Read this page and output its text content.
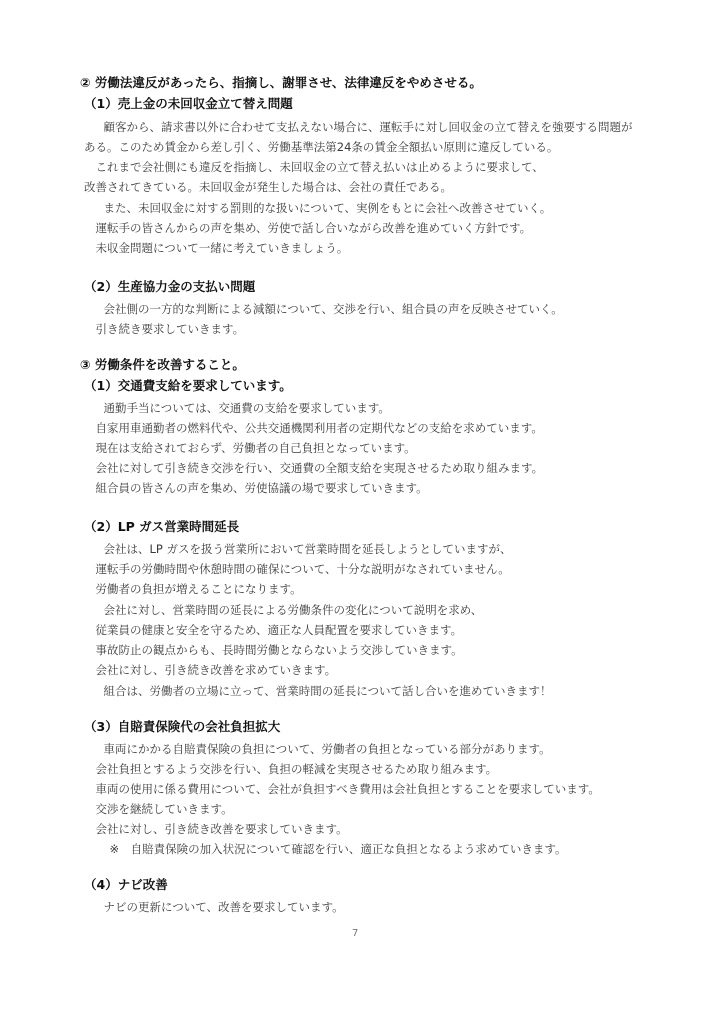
② 労働法違反があったら、指摘し、謝罪させ、法律違反をやめさせる。
（1）売上金の未回収金立て替え問題
　顧客から、請求書以外に合わせて支払えない場合に、運転手に対し回収金の立て替えを強要する問題が
ある。このため賃金から差し引く、労働基準法第24条の賃金全額払い原則に違反している。
　これまで会社側にも違反を指摘し、未回収金の立て替え払いは止めるように要求して、
改善されてきている。未回収金が発生した場合は、会社の責任である。
　また、未回収金に対する罰則的な扱いについて、実例をもとに会社へ改善させていく。
　運転手の皆さんからの声を集め、労使で話し合いながら改善を進めていく方針です。
　未収金問題について一緒に考えていきましょう。
（2）生産協力金の支払い問題
　会社側の一方的な判断による減額について、交渉を行い、組合員の声を反映させていく。
　引き続き要求していきます。
③ 労働条件を改善すること。
（1）交通費支給を要求しています。
　通勤手当については、交通費の支給を要求しています。
　自家用車通勤者の燃料代や、公共交通機関利用者の定期代などの支給を求めています。
　現在は支給されておらず、労働者の自己負担となっています。
　会社に対して引き続き交渉を行い、交通費の全額支給を実現させるため取り組みます。
　組合員の皆さんの声を集め、労使協議の場で要求していきます。
（2）LP ガス営業時間延長
　会社は、LP ガスを扱う営業所において営業時間を延長しようとしていますが、
　運転手の労働時間や休憩時間の確保について、十分な説明がなされていません。
　労働者の負担が増えることになります。
　会社に対し、営業時間の延長による労働条件の変化について説明を求め、
　従業員の健康と安全を守るため、適正な人員配置を要求していきます。
　事故防止の観点からも、長時間労働とならないよう交渉していきます。
　会社に対し、引き続き改善を求めていきます。
　組合は、労働者の立場に立って、営業時間の延長について話し合いを進めていきます！
（3）自賠責保険代の会社負担拡大
　車両にかかる自賠責保険の負担について、労働者の負担となっている部分があります。
　会社負担とするよう交渉を行い、負担の軽減を実現させるため取り組みます。
　車両の使用に係る費用について、会社が負担すべき費用は会社負担とすることを要求しています。
　交渉を継続していきます。
　会社に対し、引き続き改善を要求していきます。
　※　自賠責保険の加入状況について確認を行い、適正な負担となるよう求めていきます。
（4）ナビ改善
　ナビの更新について、改善を要求しています。
7
